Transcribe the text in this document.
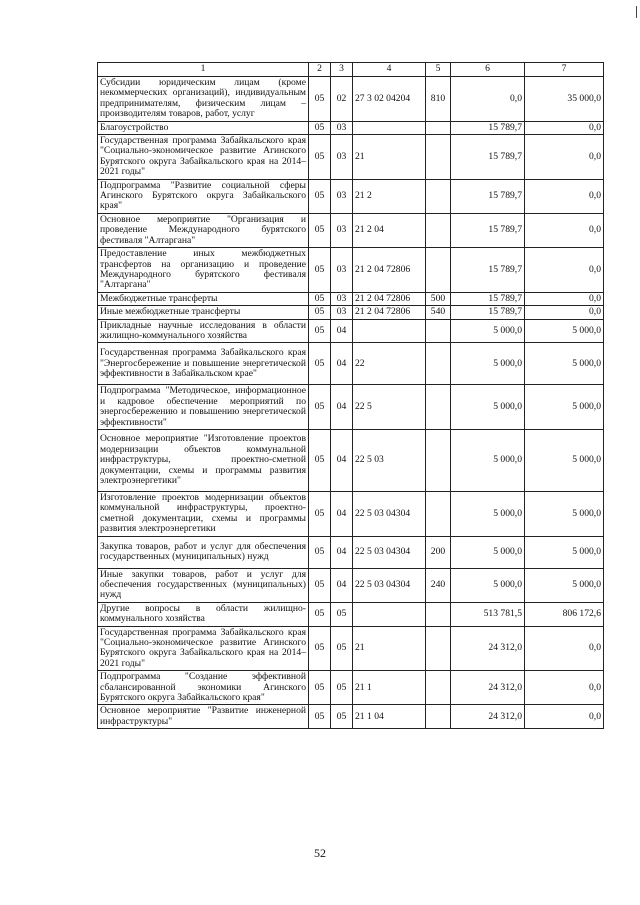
1	2	3	4	5	6	7
Субсидии юридическим лицам (кроме некоммерческих организаций), индивидуальным предпринимателям, физическим лицам – производителям товаров, работ, услуг	05	02	27 3 02 04204	810	0,0	35 000,0
Благоустройство	05	03			15 789,7	0,0
Государственная программа Забайкальского края "Социально-экономическое развитие Агинского Бурятского округа Забайкальского края на 2014–2021 годы"	05	03	21		15 789,7	0,0
Подпрограмма "Развитие социальной сферы Агинского Бурятского округа Забайкальского края"	05	03	21 2		15 789,7	0,0
Основное мероприятие "Организация и проведение Международного бурятского фестиваля "Алтаргана"	05	03	21 2 04		15 789,7	0,0
Предоставление иных межбюджетных трансфертов на организацию и проведение Международного бурятского фестиваля "Алтаргана"	05	03	21 2 04 72806		15 789,7	0,0
Межбюджетные трансферты	05	03	21 2 04 72806	500	15 789,7	0,0
Иные межбюджетные трансферты	05	03	21 2 04 72806	540	15 789,7	0,0
Прикладные научные исследования в области жилищно-коммунального хозяйства	05	04			5 000,0	5 000,0
Государственная программа Забайкальского края "Энергосбережение и повышение энергетической эффективности в Забайкальском крае"	05	04	22		5 000,0	5 000,0
Подпрограмма "Методическое, информационное и кадровое обеспечение мероприятий по энергосбережению и повышению энергетической эффективности"	05	04	22 5		5 000,0	5 000,0
Основное мероприятие "Изготовление проектов модернизации объектов коммунальной инфраструктуры, проектно-сметной документации, схемы и программы развития электроэнергетики"	05	04	22 5 03		5 000,0	5 000,0
Изготовление проектов модернизации объектов коммунальной инфраструктуры, проектно-сметной документации, схемы и программы развития электроэнергетики	05	04	22 5 03 04304		5 000,0	5 000,0
Закупка товаров, работ и услуг для обеспечения государственных (муниципальных) нужд	05	04	22 5 03 04304	200	5 000,0	5 000,0
Иные закупки товаров, работ и услуг для обеспечения государственных (муниципальных) нужд	05	04	22 5 03 04304	240	5 000,0	5 000,0
Другие вопросы в области жилищно-коммунального хозяйства	05	05			513 781,5	806 172,6
Государственная программа Забайкальского края "Социально-экономическое развитие Агинского Бурятского округа Забайкальского края на 2014–2021 годы"	05	05	21		24 312,0	0,0
Подпрограмма "Создание эффективной сбалансированной экономики Агинского Бурятского округа Забайкальского края"	05	05	21 1		24 312,0	0,0
Основное мероприятие "Развитие инженерной инфраструктуры"	05	05	21 1 04		24 312,0	0,0
52
